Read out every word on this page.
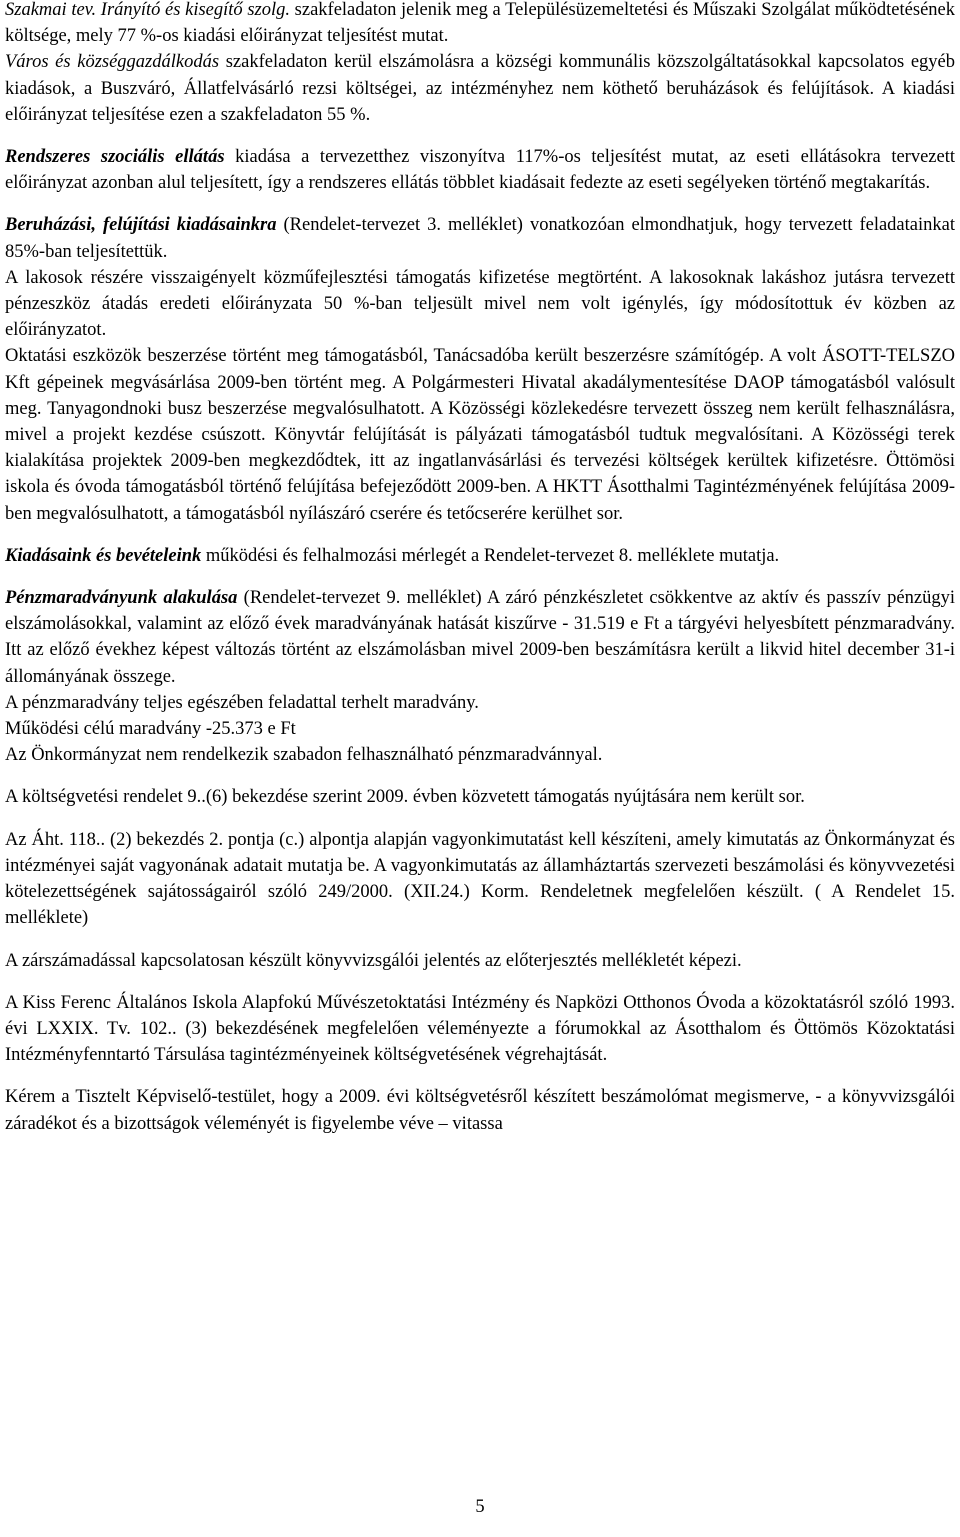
Szakmai tev. Irányító és kisegítő szolg. szakfeladaton jelenik meg a Településüzemeltetési és Műszaki Szolgálat működtetésének költsége, mely 77 %-os kiadási előirányzat teljesítést mutat.

Város és községgazdálkodás szakfeladaton kerül elszámolásra a községi kommunális közszolgáltatásokkal kapcsolatos egyéb kiadások, a Buszváró, Állatfelvásárló rezsi költségei, az intézményhez nem köthető beruházások és felújítások. A kiadási előirányzat teljesítése ezen a szakfeladaton 55 %.

Rendszeres szociális ellátás kiadása a tervezetthez viszonyítva 117%-os teljesítést mutat, az eseti ellátásokra tervezett előirányzat azonban alul teljesített, így a rendszeres ellátás többlet kiadásait fedezte az eseti segélyeken történő megtakarítás.

Beruházási, felújítási kiadásainkra (Rendelet-tervezet 3. melléklet) vonatkozóan elmondhatjuk, hogy tervezett feladatainkat 85%-ban teljesítettük.

A lakosok részére visszaigényelt közműfejlesztési támogatás kifizetése megtörtént. A lakosoknak lakáshoz jutásra tervezett pénzeszköz átadás eredeti előirányzata 50 %-ban teljesült mivel nem volt igénylés, így módosítottuk év közben az előirányzatot.

Oktatási eszközök beszerzése történt meg támogatásból, Tanácsadóba került beszerzésre számítógép. A volt ÁSOTT-TELSZO Kft gépeinek megvásárlása 2009-ben történt meg. A Polgármesteri Hivatal akadálymentesítése DAOP támogatásból valósult meg. Tanyagondnoki busz beszerzése megvalósulhatott. A Közösségi közlekedésre tervezett összeg nem került felhasználásra, mivel a projekt kezdése csúszott. Könyvtár felújítását is pályázati támogatásból tudtuk megvalósítani. A Közösségi terek kialakítása projektek 2009-ben megkezdődtek, itt az ingatlanvásárlási és tervezési költségek kerültek kifizetésre. Öttömösi iskola és óvoda támogatásból történő felújítása befejeződött 2009-ben. A HKTT Ásotthalmi Tagintézményének felújítása 2009-ben megvalósulhatott, a támogatásból nyílászáró cserére és tetőcserére kerülhet sor.

Kiadásaink és bevételeink működési és felhalmozási mérlegét a Rendelet-tervezet 8. melléklete mutatja.

Pénzmaradványunk alakulása (Rendelet-tervezet 9. melléklet) A záró pénzkészletet csökkentve az aktív és passzív pénzügyi elszámolásokkal, valamint az előző évek maradványának hatását kiszűrve - 31.519 e Ft a tárgyévi helyesbített pénzmaradvány. Itt az előző évekhez képest változás történt az elszámolásban mivel 2009-ben beszámításra került a likvid hitel december 31-i állományának összege.

A pénzmaradvány teljes egészében feladattal terhelt maradvány.

Működési célú maradvány -25.373 e Ft

Az Önkormányzat nem rendelkezik szabadon felhasználható pénzmaradvánnyal.

A költségvetési rendelet 9..(6) bekezdése szerint 2009. évben közvetett támogatás nyújtására nem került sor.

Az Áht. 118.. (2) bekezdés 2. pontja (c.) alpontja alapján vagyonkimutatást kell készíteni, amely kimutatás az Önkormányzat és intézményei saját vagyonának adatait mutatja be. A vagyonkimutatás az államháztartás szervezeti beszámolási és könyvvezetési kötelezettségének sajátosságairól szóló 249/2000. (XII.24.) Korm. Rendeletnek megfelelően készült. ( A Rendelet 15. melléklete)

A zárszámadással kapcsolatosan készült könyvvizsgálói jelentés az előterjesztés mellékletét képezi.

A Kiss Ferenc Általános Iskola Alapfokú Művészetoktatási Intézmény és Napközi Otthonos Óvoda a közoktatásról szóló 1993. évi LXXIX. Tv. 102.. (3) bekezdésének megfelelően véleményezte a fórumokkal az Ásotthalom és Öttömös Közoktatási Intézményfenntartó Társulása tagintézményeinek költségvetésének végrehajtását.

Kérem a Tisztelt Képviselő-testület, hogy a 2009. évi költségvetésről készített beszámolómat megismerve, - a könyvvizsgálói záradékot és a bizottságok véleményét is figyelembe véve – vitassa

5
